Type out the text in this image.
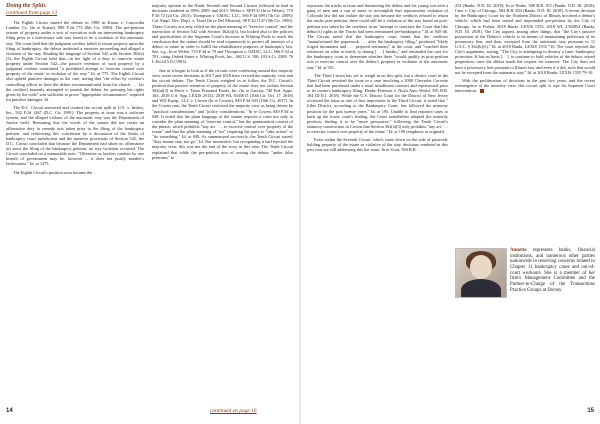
Doing the Splits
continued from page 13

The Eighth Circuit started the debate in 1989 in Knaus v. Concordia Lumber Co. (In re Knaus), 889 F.2d 773 (8th Cir. 1989). The pre-petition seizure of property under a writ of execution with an intervening bankruptcy filing prior to a foreclosure sale was found to be a violation of the automatic stay. The court held that the judgment creditor failed to return property upon the filing of bankruptcy, the debtor instituted a turnover proceeding and alleged a violation of the stay. Reading the language of Section 542 with Section 362(a)(3), the Eighth Circuit held that—in the light of a duty to turnover estate property under Section 542—the passive retention of such property by a judgment creditor constituted "a prohibited attempt to 'exercise control over property of the estate' in violation of the stay." Id. at 775. The Eighth Circuit also upheld punitive damages in the case, noting that "the effort by creditor's controlling officer to have the debtor excommunicated from his church . . . [as the creditor] brazenly attempted to punish the debtor for pursuing his rights given by the code" was sufficient to prove "appropriate circumstances" required for punitive damages. Id.

The D.C. Circuit answered and created the circuit split in U.S. v. Inslaw, Inc., 932 F.2d 1467 (D.C. Cir. 1991). The property at issue was a software system, and the alleged violator of the automatic stay was the Department of Justice itself. Reasoning that the words of the statute did not create an affirmative duty to remedy acts taken prior to the filing of the bankruptcy petition, and reinforcing this conclusion by a discussion of the limits of bankruptcy court jurisdiction and the turnover provisions of Section 542, the D.C. Circuit concluded that because the Department had taken no affirmative act since the filing of the bankruptcy petition, no stay violation occurred. The Circuit concluded on a memorable note: "Offensive as lawless conduct by one branch of government may be, however ... it does not justify another's lawlessness." Id. at 1475.

The Eighth Circuit's position soon became the

majority opinion as the Ninth, Seventh and Second Circuits followed its lead in decisions rendered in 1996, 2009, and 2013. Weber v. SEFCU (In re Weber), 719 F.3d 72 (2d Cir. 2013); Thompson v. GMAC, LLC, 566 F.3d 699 (7th Cir. 2009); Cal. Empl. Dev. Dep't. v. Taxel (In re Del Mission), 98 F.3d 1147 (9th Cir. 1996). These Circuits not only relied on the plain meaning of "exercise control" and the interaction of Section 542 with Section 362(a)(3), but looked also to the policies and practicalities of the Supreme Court's decision in Whiting Pools to reach the conclusion that the statute should be read expansively to protect all interests of a debtor or estate in order to fulfill the rehabilitative purposes of bankruptcy law. See, e.g., In re Weber, 719 F.3d at 79 and Thompson v. GMAC, LLC, 566 F.3d at 701, citing United States v. Whiting Pools, Inc., 462 U.S. 198, 103 S.Ct. 2309, 76 L.Ed.2d 515 (1983).

Just as it began to look as if the circuits were coalescing around this majority view, more recent decisions in 2017 and 2018 have revived the minority view and the circuit debate. The Tenth Circuit weighed in to follow the D.C. Circuit's position that passive retention of property of the estate does not violate Section 362(a)(3) in Davis v. Tyson Prepared Foods, Inc. (In re Garcia), 740 Fed. Appx. 163, 2018 U.S. App. LEXIS 29152, 2018 WL 5045615 (10th Cir. Oct. 17, 2018) and WD Equip., LLC v. Cowen (In re Cowen), 849 F.3d 943 (10th Cir. 2017). In the Cowen case, the Tenth Circuit criticized the majority view as being driven by "practical considerations" and "policy considerations." In re Cowen, 849 F.3d at 948. It noted that the plain language of the statute requires a court not only to consider the plain meaning of "exercise control," but the grammatical context of the phrase, which prohibits "any act . . . to exercise control over property of the estate" and that the plain meaning of "act" requiring the party to "take action" or "do something." Id. at 949. As summarized succinctly, the Tenth Circuit stated: "Stay means stay, not go." Id. Not insensitive, but recognizing it had rejected the majority view, this was not the end of the story in this case. The Tenth Circuit explained that while the pre-petition acts of seizing the debtor "under false pretenses" to

14	continued on page 16

repossess the trucks at issue and threatening the debtor and his young son with a gang of men and a can of mace to accomplish that repossession violation of Colorado law did not violate the stay just because the creditors refused to return the trucks post-petition, there could still be a violation of the stay based on post-petition acts taken by the creditors in an "attempt to convince the Court that [the debtor's] rights in the Trucks had been terminated pre-bankruptcy." Id. at 945-46. The Circuit noted that the bankruptcy court found that the creditors "manufactured the paperwork . . . after the bankruptcy filing," produced "likely forged documents and . . . perjured testimony" in the court, and "coached their witnesses on what to testify to during [. . .] breaks," and remanded the case for the bankruptcy court to determine whether there "would qualify as post-petition acts to exercise control over the debtor's property in violation of the automatic stay." Id. at 951.

The Third Circuit has yet to weigh in on this split, but a district court in the Third Circuit revisited the issue in a case involving a 2008 Chevrolet Corvette that had been purchased under a retail installment contract and repossessed prior to its owner's bankruptcy filing. Denby-Peterson v. Nu2u Auto World, 595 B.R. 184 (D.N.J. 2018). While the U.S. District Court for the District of New Jersey reviewed the issue as one of first impression in the Third Circuit, it noted that "[t]his District, according to the Bankruptcy Court, has followed the minority position for the past twenty years." Id. at 190. Unable to find reported cases to back up the lower court's finding, the Court nonetheless adopted the minority position, finding it to be "more persuasive," following the Tenth Circuit's statutory construction in Cowen that Section 362(a)(3) only prohibits "any act . . . to exercise control over property of the estate." Id. at 190 (emphasis in original).

Even within the Seventh Circuit, which came down on the side of passively holding property of the estate as violative of the stay, decisions rendered in this past year are still addressing this hot issue. In re Scott, 584 B.R.

252 (Bankr. N.D. Ill. 2018); In re Peake, 588 B.R. 811 (Bankr. N.D. Ill. 2018); Cruz v. City of Chicago, 584 B.R. 833 (Bankr. N.D. Ill. 2018). A recent decision by the Bankruptcy Court for the Northern District of Illinois involved a debtor's vehicle, which had been seized and impounded pre-petition by the City of Chicago. In re Fulton, 2018 Bankr. LEXIS 1555, 2018 WL 2392854 (Bankr. N.D. Ill. 2018). The City argued, among other things, that "the City's passive possession of the Debtor's vehicle is its means of maintaining perfection of its possessory lien, and thus, excepted from the automatic stay pursuant to 11 U.S.C. § 362(b)(3)." Id. at 2018 Bankr. LEXIS 1555 *10. The court rejected the City's arguments, stating, "The City is attempting to destroy a basic bankruptcy protection. It has no basis [. . .] to continue to hold vehicles of the debtor, seized prepetition, once the debtor made the request for turnover. The City does not have a possessory lien pursuant to Illinois law, and even if it did, such lien would not be excepted from the automatic stay." Id. at 2018 Bankr. LEXIS 1555 *9-10.

With the proliferation of decisions in the past two years, and the recent reemergence of the minority view, this circuit split is ripe for Supreme Court intervention.

Annette represents banks, financial institutions, and numerous other parties nationwide in resolving concerns related to Chapter 11 bankruptcy cases and out-of-court workouts. She is a member of her firm's Management Committee and the Partner-in-Charge of the Transactions Practice Groups at Dorsey.
15
